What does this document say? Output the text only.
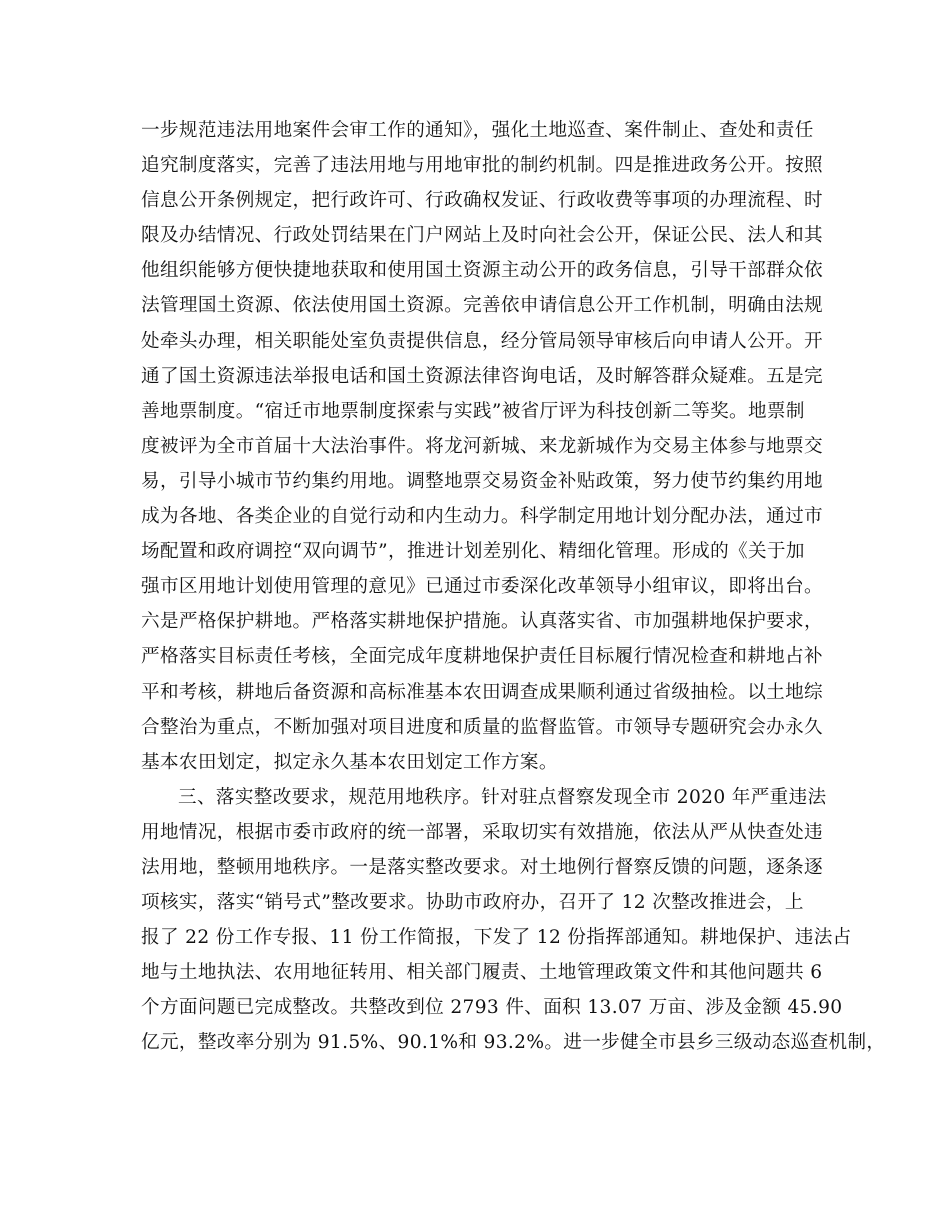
一步规范违法用地案件会审工作的通知》，强化土地巡查、案件制止、查处和责任
追究制度落实，完善了违法用地与用地审批的制约机制。四是推进政务公开。按照
信息公开条例规定，把行政许可、行政确权发证、行政收费等事项的办理流程、时
限及办结情况、行政处罚结果在门户网站上及时向社会公开，保证公民、法人和其
他组织能够方便快捷地获取和使用国土资源主动公开的政务信息，引导干部群众依
法管理国土资源、依法使用国土资源。完善依申请信息公开工作机制，明确由法规
处牵头办理，相关职能处室负责提供信息，经分管局领导审核后向申请人公开。开
通了国土资源违法举报电话和国土资源法律咨询电话，及时解答群众疑难。五是完
善地票制度。“宿迁市地票制度探索与实践”被省厅评为科技创新二等奖。地票制
度被评为全市首届十大法治事件。将龙河新城、来龙新城作为交易主体参与地票交
易，引导小城市节约集约用地。调整地票交易资金补贴政策，努力使节约集约用地
成为各地、各类企业的自觉行动和内生动力。科学制定用地计划分配办法，通过市
场配置和政府调控“双向调节”，推进计划差别化、精细化管理。形成的《关于加
强市区用地计划使用管理的意见》已通过市委深化改革领导小组审议，即将出台。
六是严格保护耕地。严格落实耕地保护措施。认真落实省、市加强耕地保护要求，
严格落实目标责任考核，全面完成年度耕地保护责任目标履行情况检查和耕地占补
平和考核，耕地后备资源和高标准基本农田调查成果顺利通过省级抽检。以土地综
合整治为重点，不断加强对项目进度和质量的监督监管。市领导专题研究会办永久
基本农田划定，拟定永久基本农田划定工作方案。
三、落实整改要求，规范用地秩序。针对驻点督察发现全市 2020 年严重违法
用地情况，根据市委市政府的统一部署，采取切实有效措施，依法从严从快查处违
法用地，整顿用地秩序。一是落实整改要求。对土地例行督察反馈的问题，逐条逐
项核实，落实“销号式”整改要求。协助市政府办，召开了 12 次整改推进会，上
报了 22 份工作专报、11 份工作简报，下发了 12 份指挥部通知。耕地保护、违法占
地与土地执法、农用地征转用、相关部门履责、土地管理政策文件和其他问题共 6
个方面问题已完成整改。共整改到位 2793 件、面积 13.07 万亩、涉及金额 45.90
亿元，整改率分别为 91.5%、90.1%和 93.2%。进一步健全市县乡三级动态巡查机制，
